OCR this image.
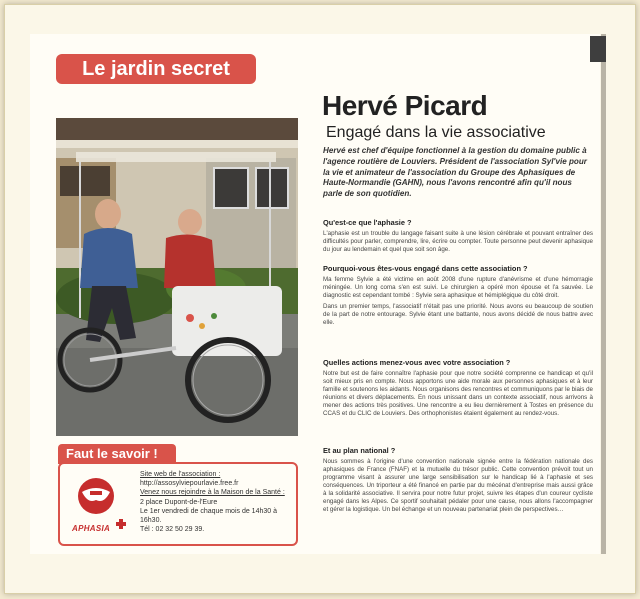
Le jardin secret
Hervé Picard
Engagé dans la vie associative

Hervé est chef d'équipe fonctionnel à la gestion du domaine public à l'agence routière de Louviers. Président de l'association Syl'vie pour la vie et animateur de l'association du Groupe des Aphasiques de Haute-Normandie (GAHN), nous l'avons rencontré afin qu'il nous parle de son quotidien.

Qu'est-ce que l'aphasie ?

L'aphasie est un trouble du langage faisant suite à une lésion cérébrale et pouvant entraîner des difficultés pour parler, comprendre, lire, écrire ou compter. Toute personne peut devenir aphasique du jour au lendemain et quel que soit son âge.

Pourquoi-vous êtes-vous engagé dans cette association ?

Ma femme Sylvie a été victime en août 2008 d'une rupture d'anévrisme et d'une hémorragie méningée. Un long coma s'en est suivi. Le chirurgien a opéré mon épouse et l'a sauvée. Le diagnostic est cependant tombé : Sylvie sera aphasique et hémiplégique du côté droit.

Dans un premier temps, l'associatif n'était pas une priorité. Nous avons eu beaucoup de soutien de la part de notre entourage. Sylvie étant une battante, nous avons décidé de nous battre avec elle.

Quelles actions menez-vous avec votre association ?

Notre but est de faire connaître l'aphasie pour que notre société comprenne ce handicap et qu'il soit mieux pris en compte. Nous apportons une aide morale aux personnes aphasiques et à leur famille et soutenons les aidants. Nous organisons des rencontres et communiquons par le biais de réunions et divers déplacements. En nous unissant dans un contexte associatif, nous arrivons à mener des actions très positives. Une rencontre a eu lieu dernièrement à Tostes en présence du CCAS et du CLIC de Louviers. Des orthophonistes étaient également au rendez-vous.

Et au plan national ?

Nous sommes à l'origine d'une convention nationale signée entre la fédération nationale des aphasiques de France (FNAF) et la mutuelle du trésor public. Cette convention prévoit tout un programme visant à assurer une large sensibilisation sur le handicap lié à l'aphasie et ses conséquences. Un triporteur a été financé en partie par du mécénat d'entreprise mais aussi grâce à la solidarité associative. Il servira pour notre futur projet, suivre les étapes d'un coureur cycliste engagé dans les Alpes. Ce sportif souhaitait pédaler pour une cause, nous allons l'accompagner et gérer la logistique. Un bel échange et un nouveau partenariat plein de perspectives…

Faut le savoir !
APHASIA
Site web de l'association :
http://assosylviepourlavie.free.fr
Venez nous rejoindre à la Maison de la Santé :
2 place Dupont-de-l'Eure
Le 1er vendredi de chaque mois de 14h30 à 16h30.
Tél : 02 32 50 29 39.
